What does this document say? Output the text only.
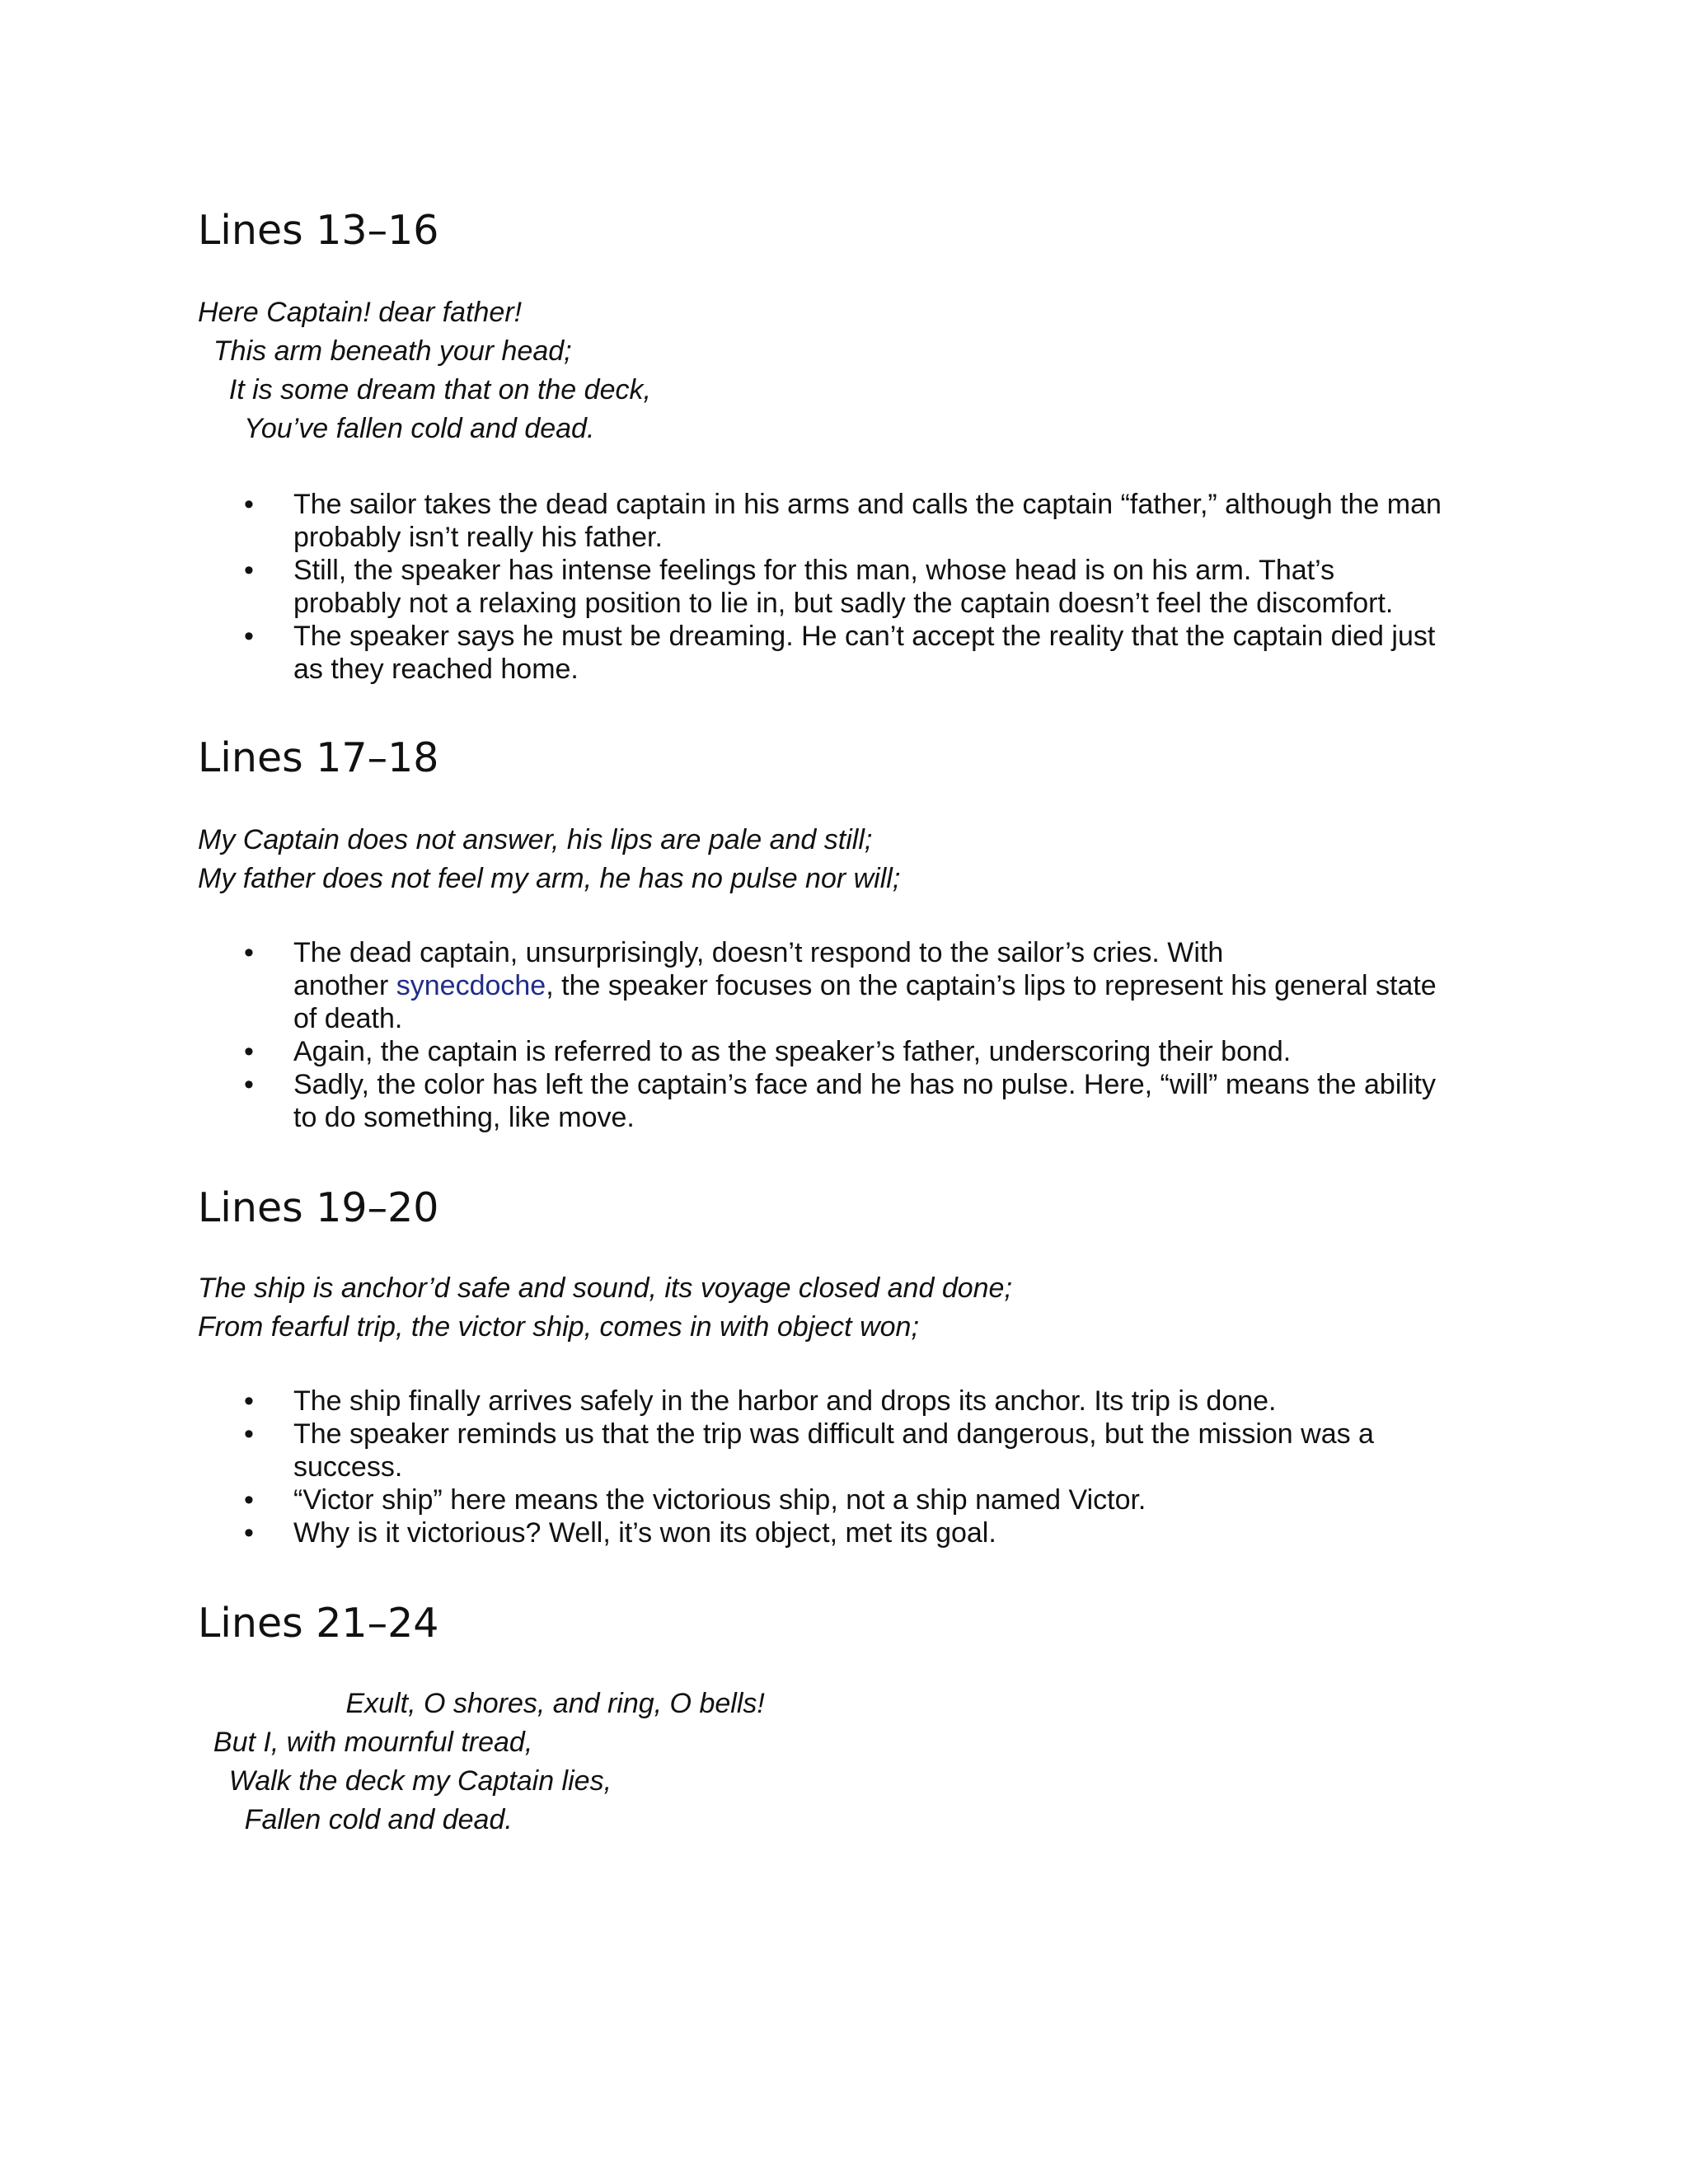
Lines 13–16
Here Captain! dear father!
This arm beneath your head;
It is some dream that on the deck,
You’ve fallen cold and dead.
• The sailor takes the dead captain in his arms and calls the captain “father,” although the man
probably isn’t really his father.
• Still, the speaker has intense feelings for this man, whose head is on his arm. That’s
probably not a relaxing position to lie in, but sadly the captain doesn’t feel the discomfort.
• The speaker says he must be dreaming. He can’t accept the reality that the captain died just
as they reached home.
Lines 17–18
My Captain does not answer, his lips are pale and still;
My father does not feel my arm, he has no pulse nor will;
• The dead captain, unsurprisingly, doesn’t respond to the sailor’s cries. With
another synecdoche, the speaker focuses on the captain’s lips to represent his general state
of death.
• Again, the captain is referred to as the speaker’s father, underscoring their bond.
• Sadly, the color has left the captain’s face and he has no pulse. Here, “will” means the ability
to do something, like move.
Lines 19–20
The ship is anchor’d safe and sound, its voyage closed and done;
From fearful trip, the victor ship, comes in with object won;
• The ship finally arrives safely in the harbor and drops its anchor. Its trip is done.
• The speaker reminds us that the trip was difficult and dangerous, but the mission was a
success.
• “Victor ship” here means the victorious ship, not a ship named Victor.
• Why is it victorious? Well, it’s won its object, met its goal.
Lines 21–24
Exult, O shores, and ring, O bells!
But I, with mournful tread,
Walk the deck my Captain lies,
Fallen cold and dead.
